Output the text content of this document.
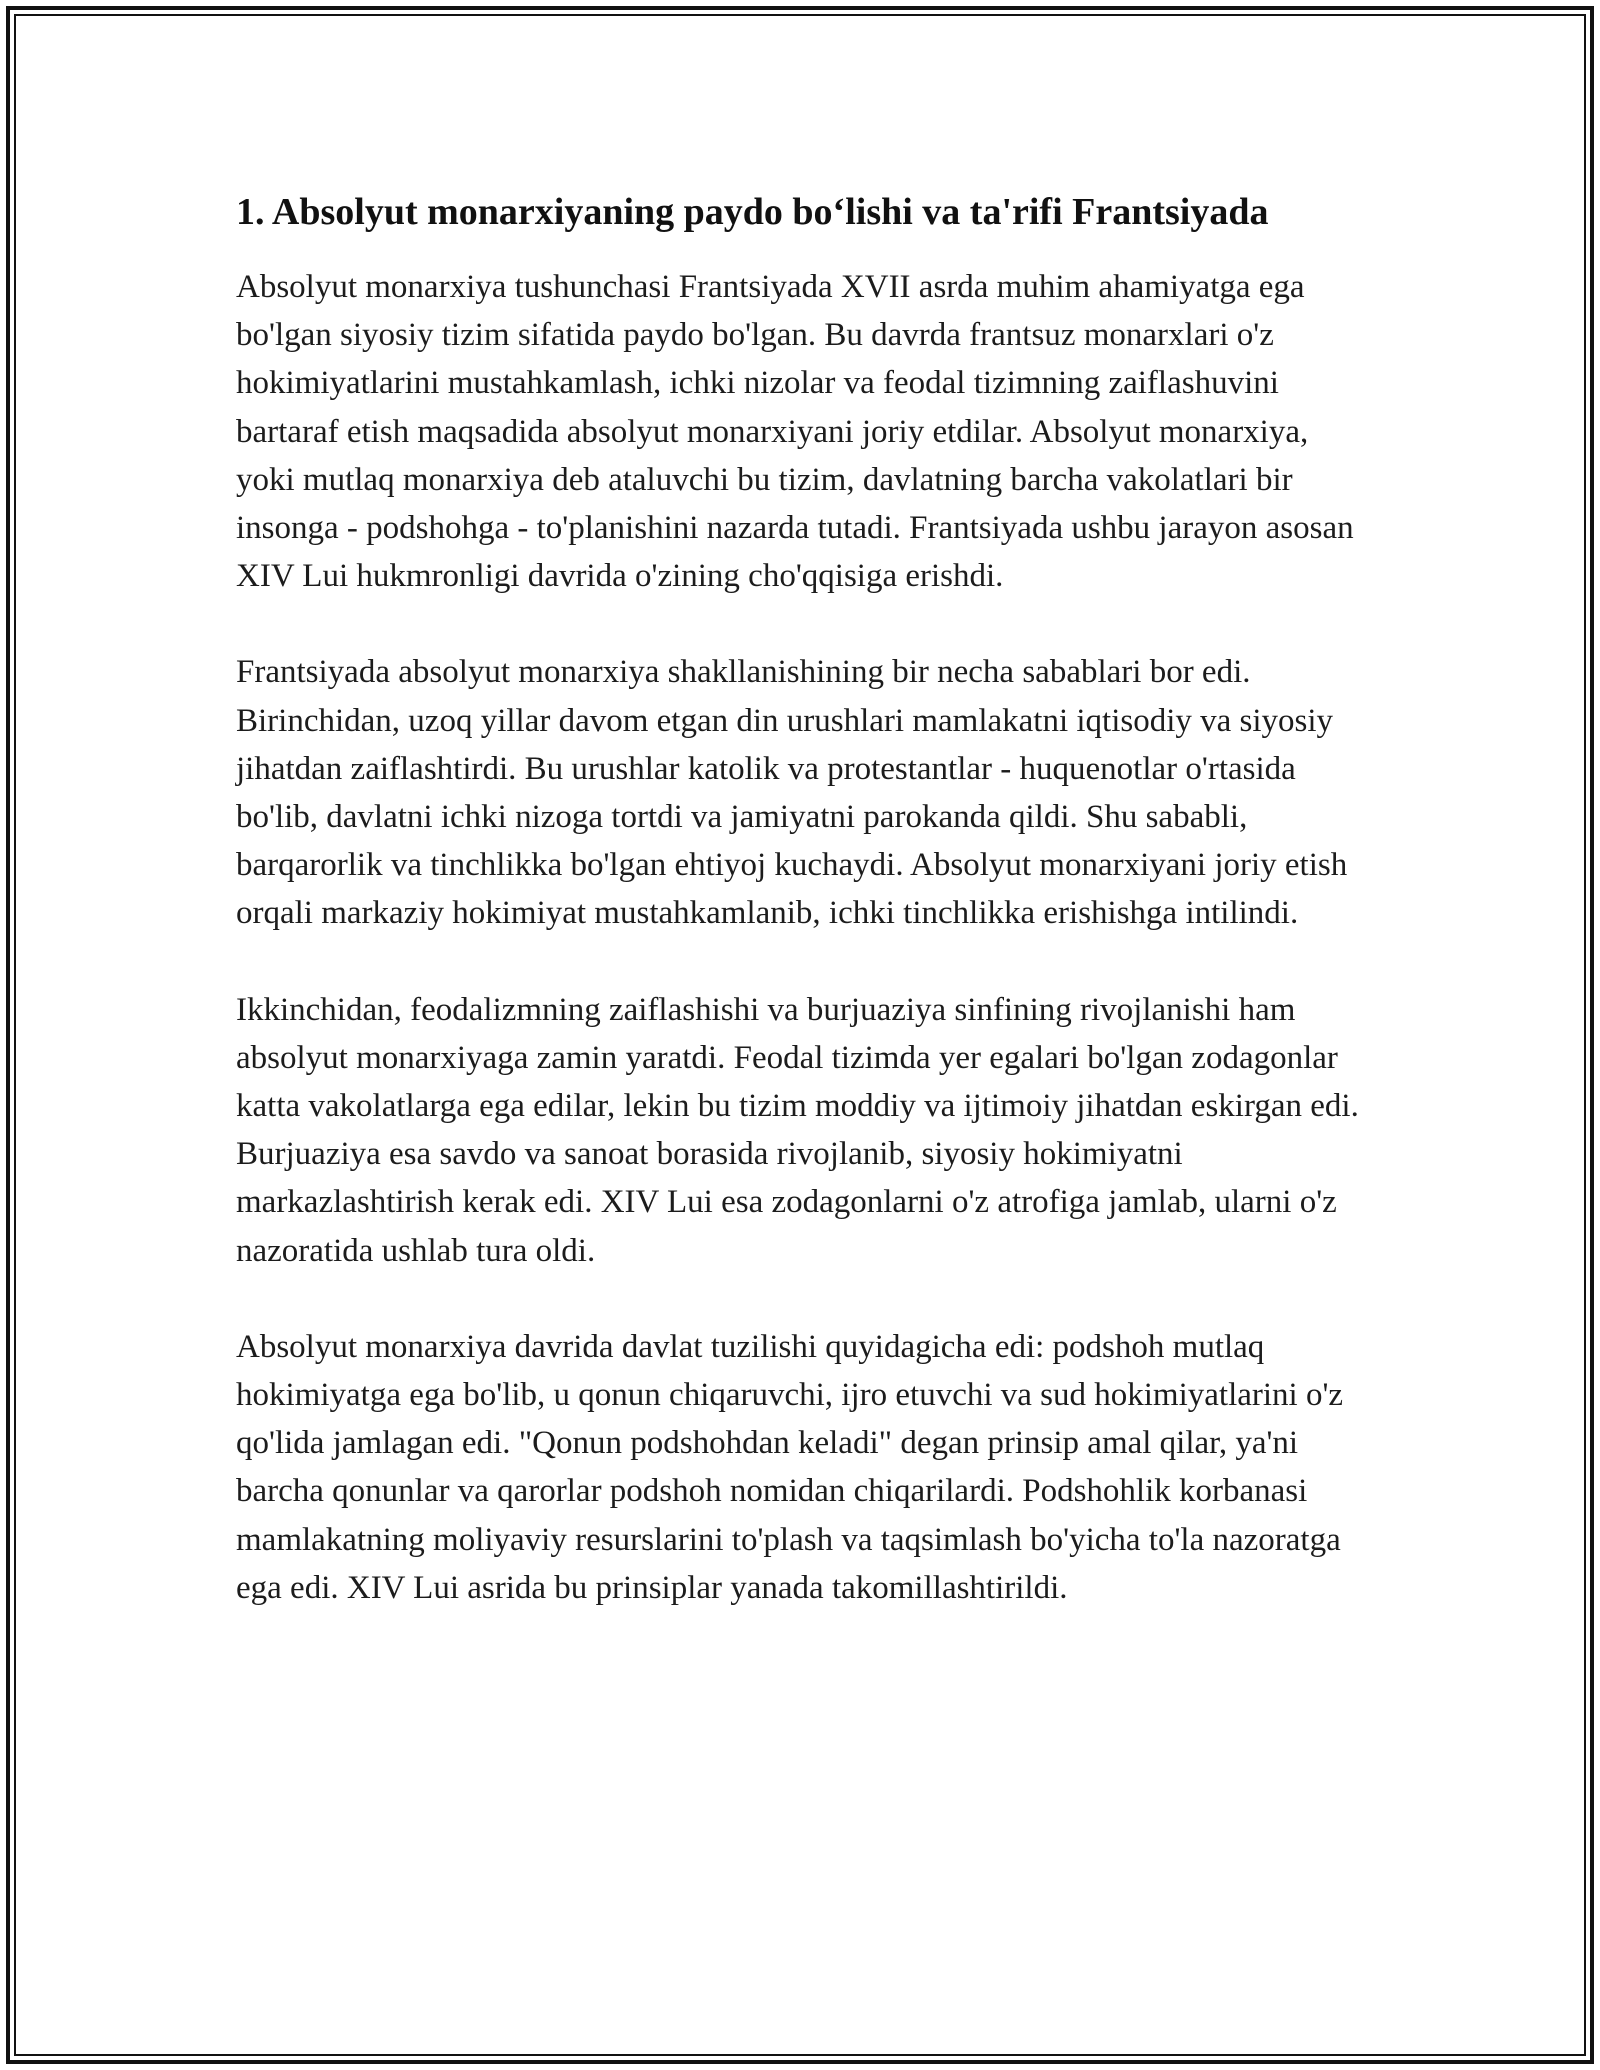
1. Absolyut monarxiyaning paydo bo‘lishi va ta'rifi Frantsiyada

Absolyut monarxiya tushunchasi Frantsiyada XVII asrda muhim ahamiyatga ega bo'lgan siyosiy tizim sifatida paydo bo'lgan. Bu davrda frantsuz monarxlari o'z hokimiyatlarini mustahkamlash, ichki nizolar va feodal tizimning zaiflashuvini bartaraf etish maqsadida absolyut monarxiyani joriy etdilar. Absolyut monarxiya, yoki mutlaq monarxiya deb ataluvchi bu tizim, davlatning barcha vakolatlari bir insonga - podshohga - to'planishini nazarda tutadi. Frantsiyada ushbu jarayon asosan XIV Lui hukmronligi davrida o'zining cho'qqisiga erishdi.

Frantsiyada absolyut monarxiya shakllanishining bir necha sabablari bor edi. Birinchidan, uzoq yillar davom etgan din urushlari mamlakatni iqtisodiy va siyosiy jihatdan zaiflashtirdi. Bu urushlar katolik va protestantlar - huquenotlar o'rtasida bo'lib, davlatni ichki nizoga tortdi va jamiyatni parokanda qildi. Shu sababli, barqarorlik va tinchlikka bo'lgan ehtiyoj kuchaydi. Absolyut monarxiyani joriy etish orqali markaziy hokimiyat mustahkamlanib, ichki tinchlikka erishishga intilindi.

Ikkinchidan, feodalizmning zaiflashishi va burjuaziya sinfining rivojlanishi ham absolyut monarxiyaga zamin yaratdi. Feodal tizimda yer egalari bo'lgan zodagonlar katta vakolatlarga ega edilar, lekin bu tizim moddiy va ijtimoiy jihatdan eskirgan edi. Burjuaziya esa savdo va sanoat borasida rivojlanib, siyosiy hokimiyatni markazlashtirish kerak edi. XIV Lui esa zodagonlarni o'z atrofiga jamlab, ularni o'z nazoratida ushlab tura oldi.

Absolyut monarxiya davrida davlat tuzilishi quyidagicha edi: podshoh mutlaq hokimiyatga ega bo'lib, u qonun chiqaruvchi, ijro etuvchi va sud hokimiyatlarini o'z qo'lida jamlagan edi. "Qonun podshohdan keladi" degan prinsip amal qilar, ya'ni barcha qonunlar va qarorlar podshoh nomidan chiqarilardi. Podshohlik korbanasi mamlakatning moliyaviy resurslarini to'plash va taqsimlash bo'yicha to'la nazoratga ega edi. XIV Lui asrida bu prinsiplar yanada takomillashtirildi.
